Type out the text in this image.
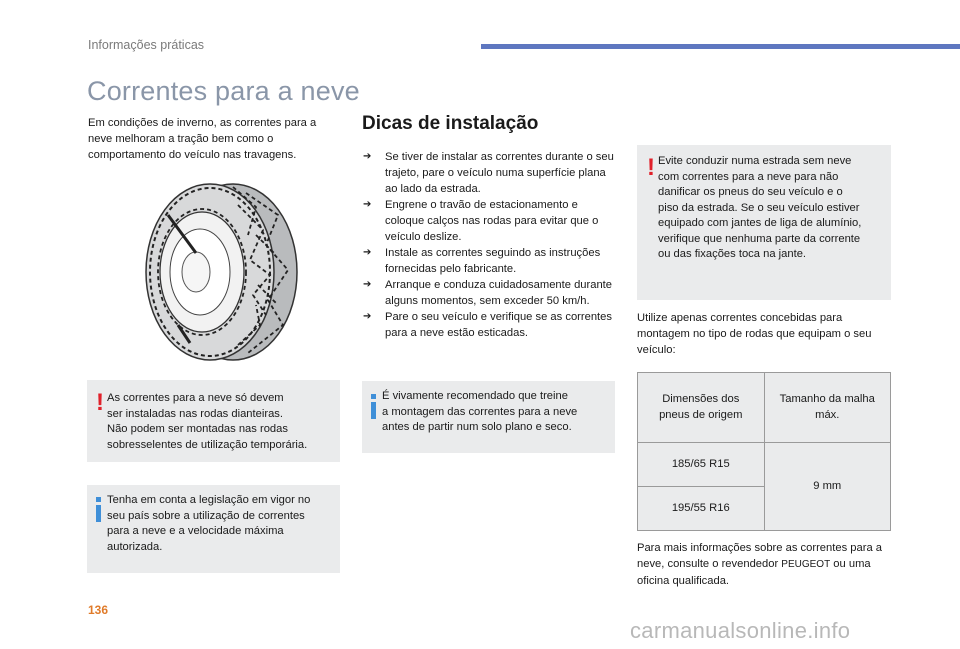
Informações práticas
Correntes para a neve
Em condições de inverno, as correntes para a neve melhoram a tração bem como o comportamento do veículo nas travagens.
! As correntes para a neve só devem
ser instaladas nas rodas dianteiras.
Não podem ser montadas nas rodas
sobresselentes de utilização temporária.
Tenha em conta a legislação em vigor no
seu país sobre a utilização de correntes
para a neve e a velocidade máxima
autorizada.
Dicas de instalação
➔ Se tiver de instalar as correntes durante o seu trajeto, pare o veículo numa superfície plana ao lado da estrada.
➔ Engrene o travão de estacionamento e coloque calços nas rodas para evitar que o veículo deslize.
➔ Instale as correntes seguindo as instruções fornecidas pelo fabricante.
➔ Arranque e conduza cuidadosamente durante alguns momentos, sem exceder 50 km/h.
➔ Pare o seu veículo e verifique se as correntes para a neve estão esticadas.
É vivamente recomendado que treine
a montagem das correntes para a neve
antes de partir num solo plano e seco.
! Evite conduzir numa estrada sem neve
com correntes para a neve para não
danificar os pneus do seu veículo e o
piso da estrada. Se o seu veículo estiver
equipado com jantes de liga de alumínio,
verifique que nenhuma parte da corrente
ou das fixações toca na jante.
Utilize apenas correntes concebidas para montagem no tipo de rodas que equipam o seu veículo:
Dimensões dos pneus de origem	Tamanho da malha máx.
185/65 R15	9 mm
195/55 R16	
Para mais informações sobre as correntes para a neve, consulte o revendedor PEUGEOT ou uma oficina qualificada.
136
carmanualsonline.info
